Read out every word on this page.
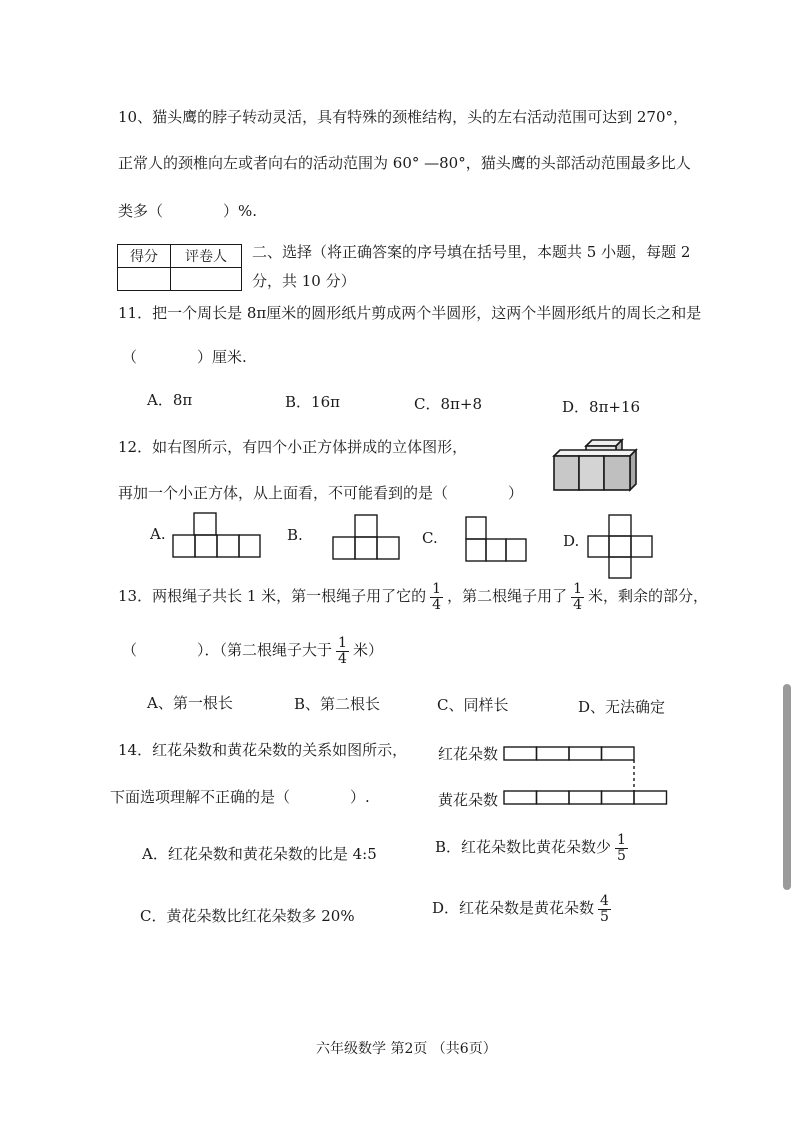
10、猫头鹰的脖子转动灵活，具有特殊的颈椎结构，头的左右活动范围可达到 270°，
正常人的颈椎向左或者向右的活动范围为 60° —80°，猫头鹰的头部活动范围最多比人
类多（　　　　）%.
得分	评卷人
	二、选择（将正确答案的序号填在括号里，本题共 5 小题，每题 2
分，共 10 分）
11．把一个周长是 8π厘米的圆形纸片剪成两个半圆形，这两个半圆形纸片的周长之和是
（　　　　）厘米.
A．8π	B．16π	C．8π+8	D．8π+16
12．如右图所示，有四个小正方体拼成的立体图形，
再加一个小正方体，从上面看，不可能看到的是（　　　　）
A.	B.	C.	D.
13．两根绳子共长 1 米，第一根绳子用了它的 $\frac{1}{4}$ ，第二根绳子用了 $\frac{1}{4}$ 米，剩余的部分，
（　　　　）．（第二根绳子大于 $\frac{1}{4}$ 米）
A、第一根长	B、第二根长	C、同样长	D、无法确定
14．红花朵数和黄花朵数的关系如图所示，
下面选项理解不正确的是（　　　　）.
红花朵数
黄花朵数
A．红花朵数和黄花朵数的比是 4:5	B．红花朵数比黄花朵数少 $\frac{1}{5}$
C．黄花朵数比红花朵数多 20%	D．红花朵数是黄花朵数 $\frac{4}{5}$
六年级数学 第2页 （共6页）
